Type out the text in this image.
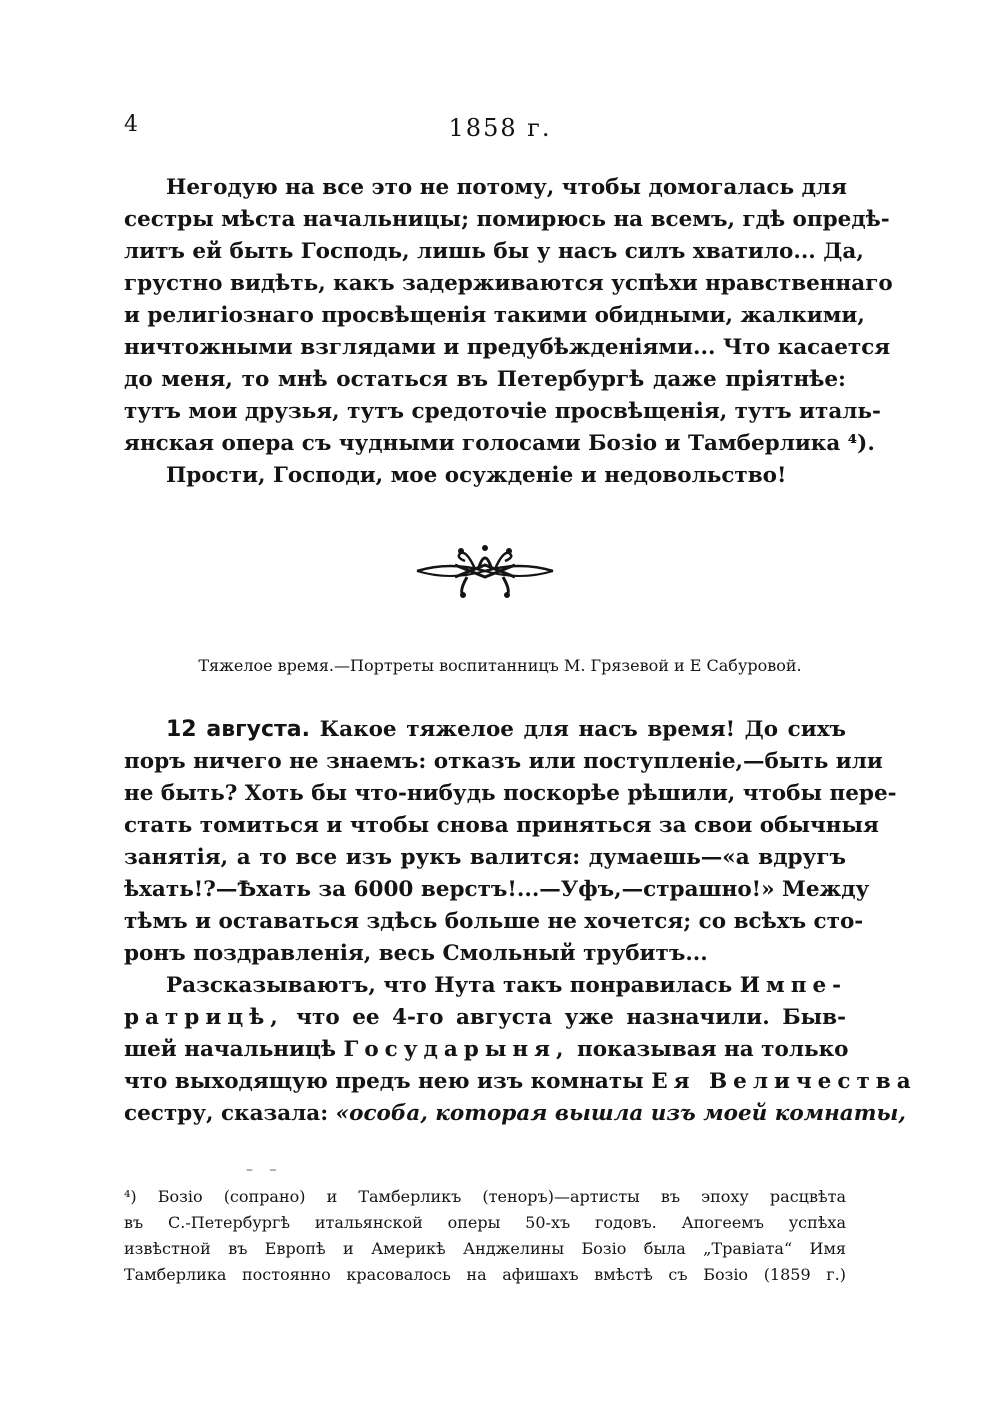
4	1858 г.
Негодую на все это не потому, чтобы домогалась для
сестры мѣста начальницы; помирюсь на всемъ, гдѣ опредѣ-
литъ ей быть Господь, лишь бы у насъ силъ хватило... Да,
грустно видѣть, какъ задерживаются успѣхи нравственнаго
и религіознаго просвѣщенія такими обидными, жалкими,
ничтожными взглядами и предубѣжденіями... Что касается
до меня, то мнѣ остаться въ Петербургѣ даже пріятнѣе:
тутъ мои друзья, тутъ средоточіе просвѣщенія, тутъ италь-
янская опера съ чудными голосами Бозіо и Тамберлика ⁴).
Прости, Господи, мое осужденіе и недовольство!
Тяжелое время.—Портреты воспитанницъ М. Грязевой и Е Сабуровой.
12 августа. Какое тяжелое для насъ время! До сихъ
поръ ничего не знаемъ: отказъ или поступленіе,—быть или
не быть? Хоть бы что-нибудь поскорѣе рѣшили, чтобы пере-
стать томиться и чтобы снова приняться за свои обычныя
занятія, а то все изъ рукъ валится: думаешь—«а вдругъ
ѣхать!?—Ѣхать за 6000 верстъ!...—Уфъ,—страшно!» Между
тѣмъ и оставаться здѣсь больше не хочется; со всѣхъ сто-
ронъ поздравленія, весь Смольный трубитъ...
Разсказываютъ, что Нута такъ понравилась Импе-
ратрицѣ, что ее 4-го августа уже назначили. Быв-
шей начальницѣ Государыня, показывая на только
что выходящую предъ нею изъ комнаты Ея Величества
сестру, сказала: «особа, которая вышла изъ моей комнаты,
– –
⁴) Бозіо (сопрано) и Тамберликъ (теноръ)—артисты въ эпоху расцвѣта
въ С.-Петербургѣ итальянской оперы 50-хъ годовъ. Апогеемъ успѣха
извѣстной въ Европѣ и Америкѣ Анджелины Бозіо была „Травіата“ Имя
Тамберлика постоянно красовалось на афишахъ вмѣстѣ съ Бозіо (1859 г.)
